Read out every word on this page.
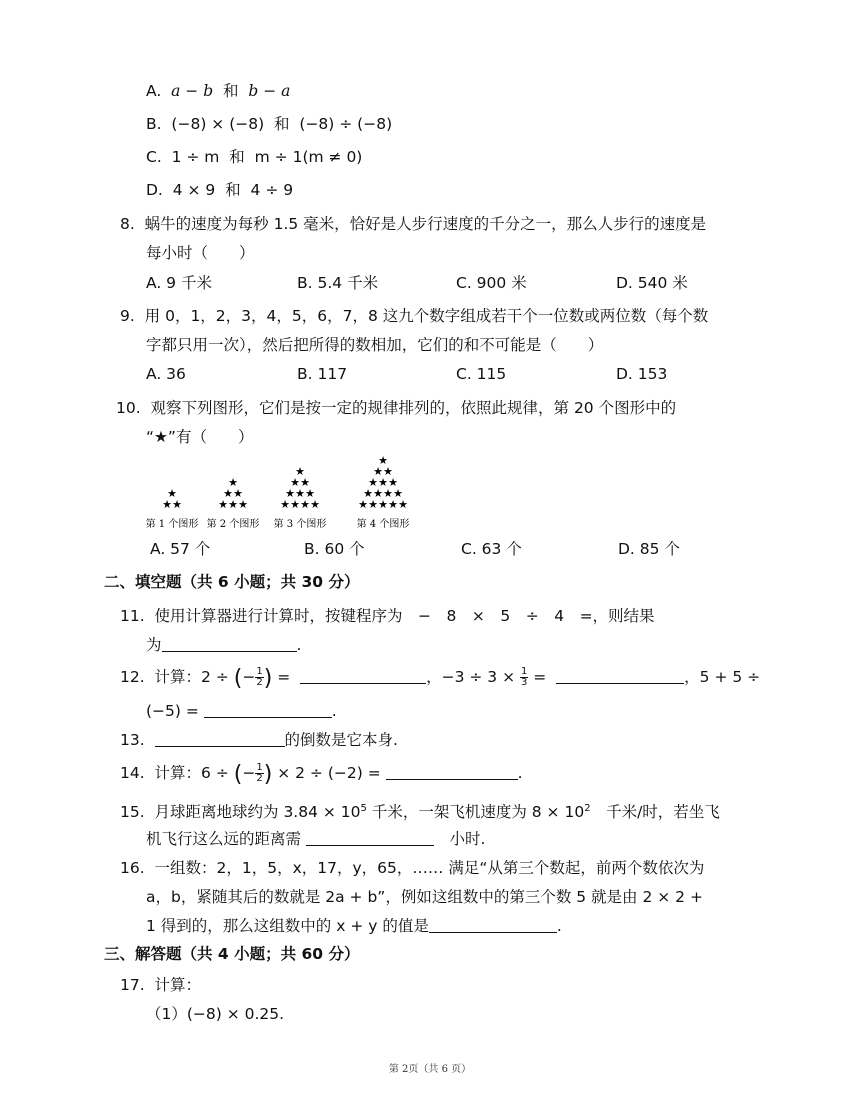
A. a − b 和 b − a
B. (−8) × (−8) 和 (−8) ÷ (−8)
C. 1 ÷ m 和 m ÷ 1(m ≠ 0)
D. 4 × 9 和 4 ÷ 9
8. 蜗牛的速度为每秒 1.5 毫米，恰好是人步行速度的千分之一，那么人步行的速度是
每小时（　　）
A. 9 千米	B. 5.4 千米	C. 900 米	D. 540 米
9. 用 0，1，2，3，4，5，6，7，8 这九个数字组成若干个一位数或两位数（每个数
字都只用一次），然后把所得的数相加，它们的和不可能是（　　）
A. 36	B. 117	C. 115	D. 153
10. 观察下列图形，它们是按一定的规律排列的，依照此规律，第 20 个图形中的
“★”有（　　）
★
★ ★
第 1 个图形
★
★ ★
★ ★ ★
第 2 个图形
★
★ ★
★ ★ ★
★ ★ ★ ★
第 3 个图形
★
★ ★
★ ★ ★
★ ★ ★ ★
★ ★ ★ ★ ★
第 4 个图形
A. 57 个	B. 60 个	C. 63 个	D. 85 个
二、填空题（共 6 小题；共 30 分）
11. 使用计算器进行计算时，按键程序为　−　8　×　5　÷　4　=，则结果
为	.
12. 计算：2 ÷ (− $\frac{1}{2}$ ) =	，$-3 \div 3 \times \frac{1}{3}$ =	，5 + 5 ÷
(−5) =	.
13.	的倒数是它本身.
14. 计算：6 ÷ (− $\frac{1}{2}$ ) × 2 ÷ (−2) =	.
15. 月球距离地球约为 $3.84 \times 10^5$ 千米，一架飞机速度为 $8 \times 10^2$　千米/时，若坐飞
机飞行这么远的距离需	　小时.
16. 一组数：2，1，5，x，17，y，65，…… 满足“从第三个数起，前两个数依次为
a，b，紧随其后的数就是 2a + b”，例如这组数中的第三个数 5 就是由 2 × 2 +
1 得到的，那么这组数中的 x + y 的值是	.
三、解答题（共 4 小题；共 60 分）
17. 计算：
（1）(−8) × 0.25.
第 2页（共 6 页）
